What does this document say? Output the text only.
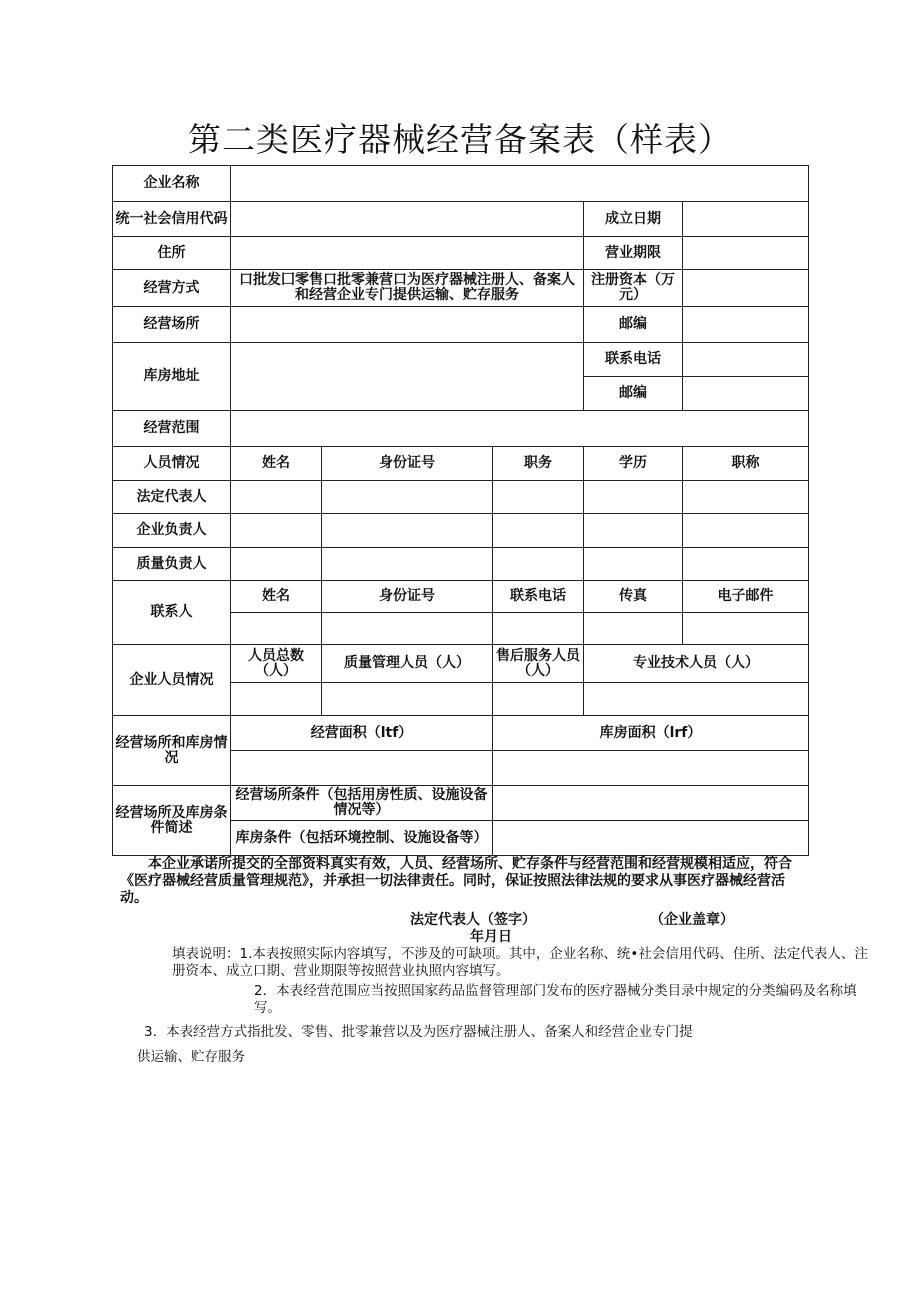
第二类医疗器械经营备案表（样表）
企业名称					
统一社会信用代码				成立日期	
住所				营业期限	
经营方式	口批发囗零售口批零兼营口为医疗器械注册人、备案人和经营企业专门提供运输、贮存服务			注册资本（万元）	
经营场所				邮编	
库房地址				联系电话	
				邮编	
经营范围					
人员情况	姓名	身份证号	职务	学历	职称
法定代表人					
企业负责人					
质量负责人					
联系人	姓名	身份证号	联系电话	传真	电子邮件

企业人员情况	人员总数（人）	质量管理人员（人）	售后服务人员（人）	专业技术人员（人）	

经营场所和库房情况	经营面积（ltf）		库房面积（lrf）		

经营场所及库房条件简述	经营场所条件（包括用房性质、设施设备情况等）				
	库房条件（包括环境控制、设施设备等）				

本企业承诺所提交的全部资料真实有效，人员、经营场所、贮存条件与经营范围和经营规模相适应，符合《医疗器械经营质量管理规范》，并承担一切法律责任。同时，保证按照法律法规的要求从事医疗器械经营活动。

法定代表人（签字）	（企业盖章）
年月日

填表说明：1.本表按照实际内容填写，不涉及的可缺项。其中，企业名称、统•社会信用代码、住所、法定代表人、注册资本、成立口期、营业期限等按照营业执照内容填写。

2．本表经营范围应当按照国家药品监督管理部门发布的医疗器械分类目录中规定的分类编码及名称填写。

3．本表经营方式指批发、零售、批零兼营以及为医疗器械注册人、备案人和经营企业专门提

供运输、贮存服务
